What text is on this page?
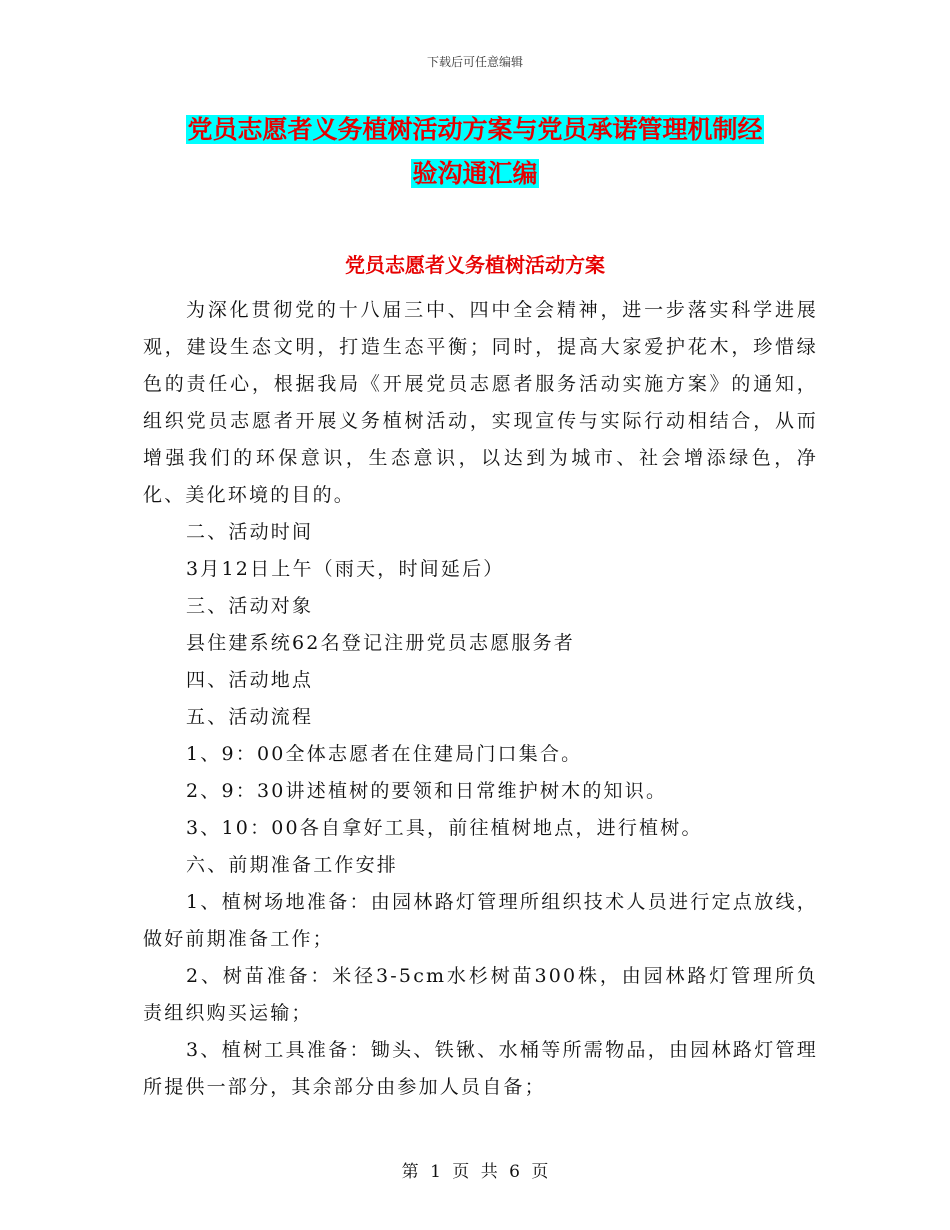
下载后可任意编辑
党员志愿者义务植树活动方案与党员承诺管理机制经
验沟通汇编
党员志愿者义务植树活动方案
为深化贯彻党的十八届三中、四中全会精神，进一步落实科学进展观，建设生态文明，打造生态平衡；同时，提高大家爱护花木，珍惜绿色的责任心，根据我局《开展党员志愿者服务活动实施方案》的通知，组织党员志愿者开展义务植树活动，实现宣传与实际行动相结合，从而增强我们的环保意识，生态意识，以达到为城市、社会增添绿色，净化、美化环境的目的。

二、活动时间

3月12日上午（雨天，时间延后）

三、活动对象

县住建系统62名登记注册党员志愿服务者

四、活动地点

五、活动流程

1、9：00全体志愿者在住建局门口集合。

2、9：30讲述植树的要领和日常维护树木的知识。

3、10：00各自拿好工具，前往植树地点，进行植树。

六、前期准备工作安排

1、植树场地准备：由园林路灯管理所组织技术人员进行定点放线，做好前期准备工作；

2、树苗准备：米径3-5cm水杉树苗300株，由园林路灯管理所负责组织购买运输；

3、植树工具准备：锄头、铁锹、水桶等所需物品，由园林路灯管理所提供一部分，其余部分由参加人员自备；

第 1 页 共 6 页
